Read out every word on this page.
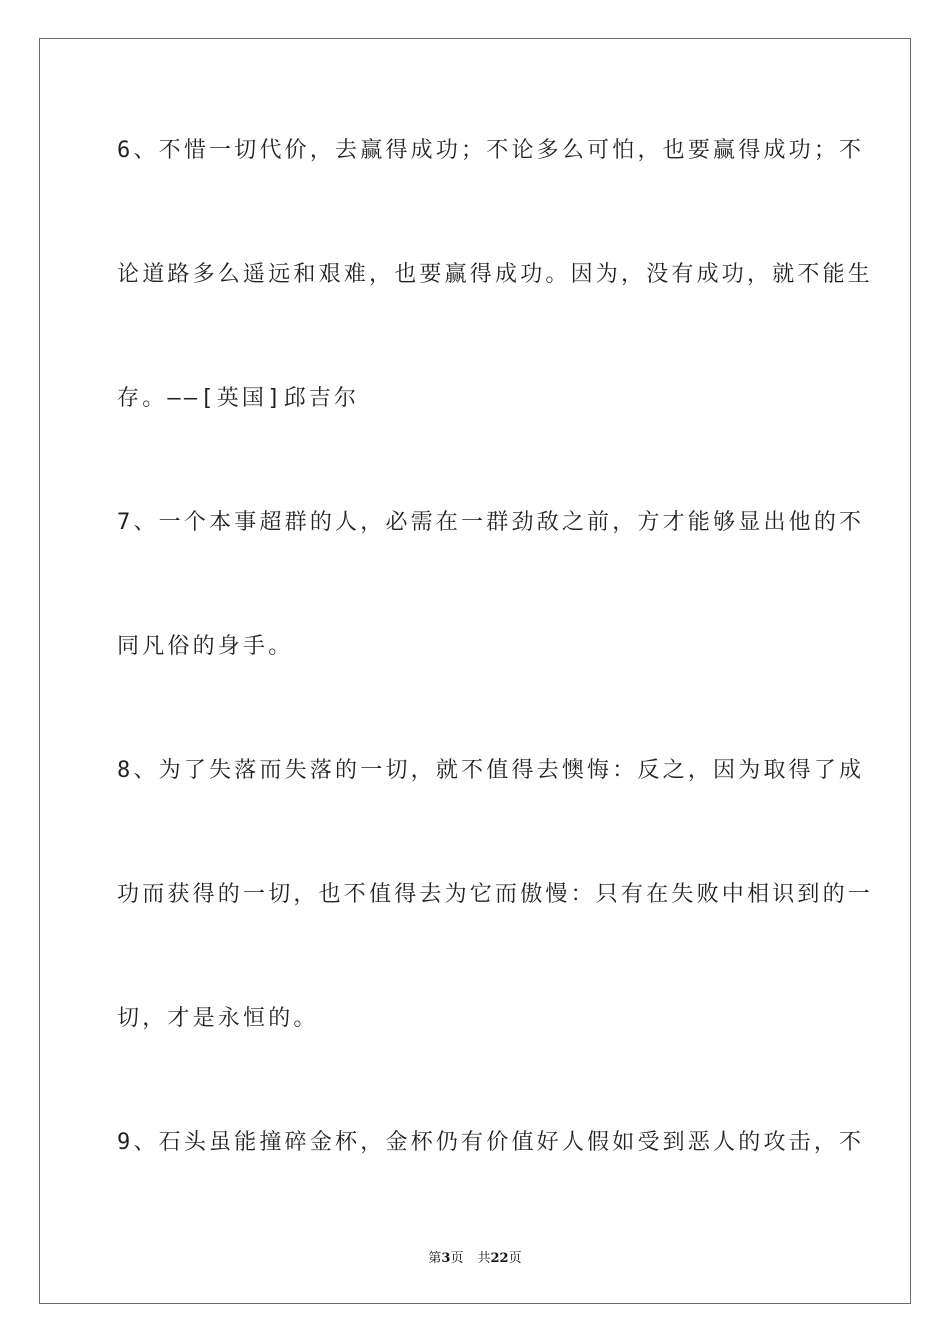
6、不惜一切代价，去赢得成功；不论多么可怕，也要赢得成功；不
论道路多么遥远和艰难，也要赢得成功。因为，没有成功，就不能生
存。——[英国]邱吉尔
7、一个本事超群的人，必需在一群劲敌之前，方才能够显出他的不
同凡俗的身手。
8、为了失落而失落的一切，就不值得去懊悔：反之，因为取得了成
功而获得的一切，也不值得去为它而傲慢：只有在失败中相识到的一
切，才是永恒的。
9、石头虽能撞碎金杯，金杯仍有价值好人假如受到恶人的攻击，不
第3页 共22页
